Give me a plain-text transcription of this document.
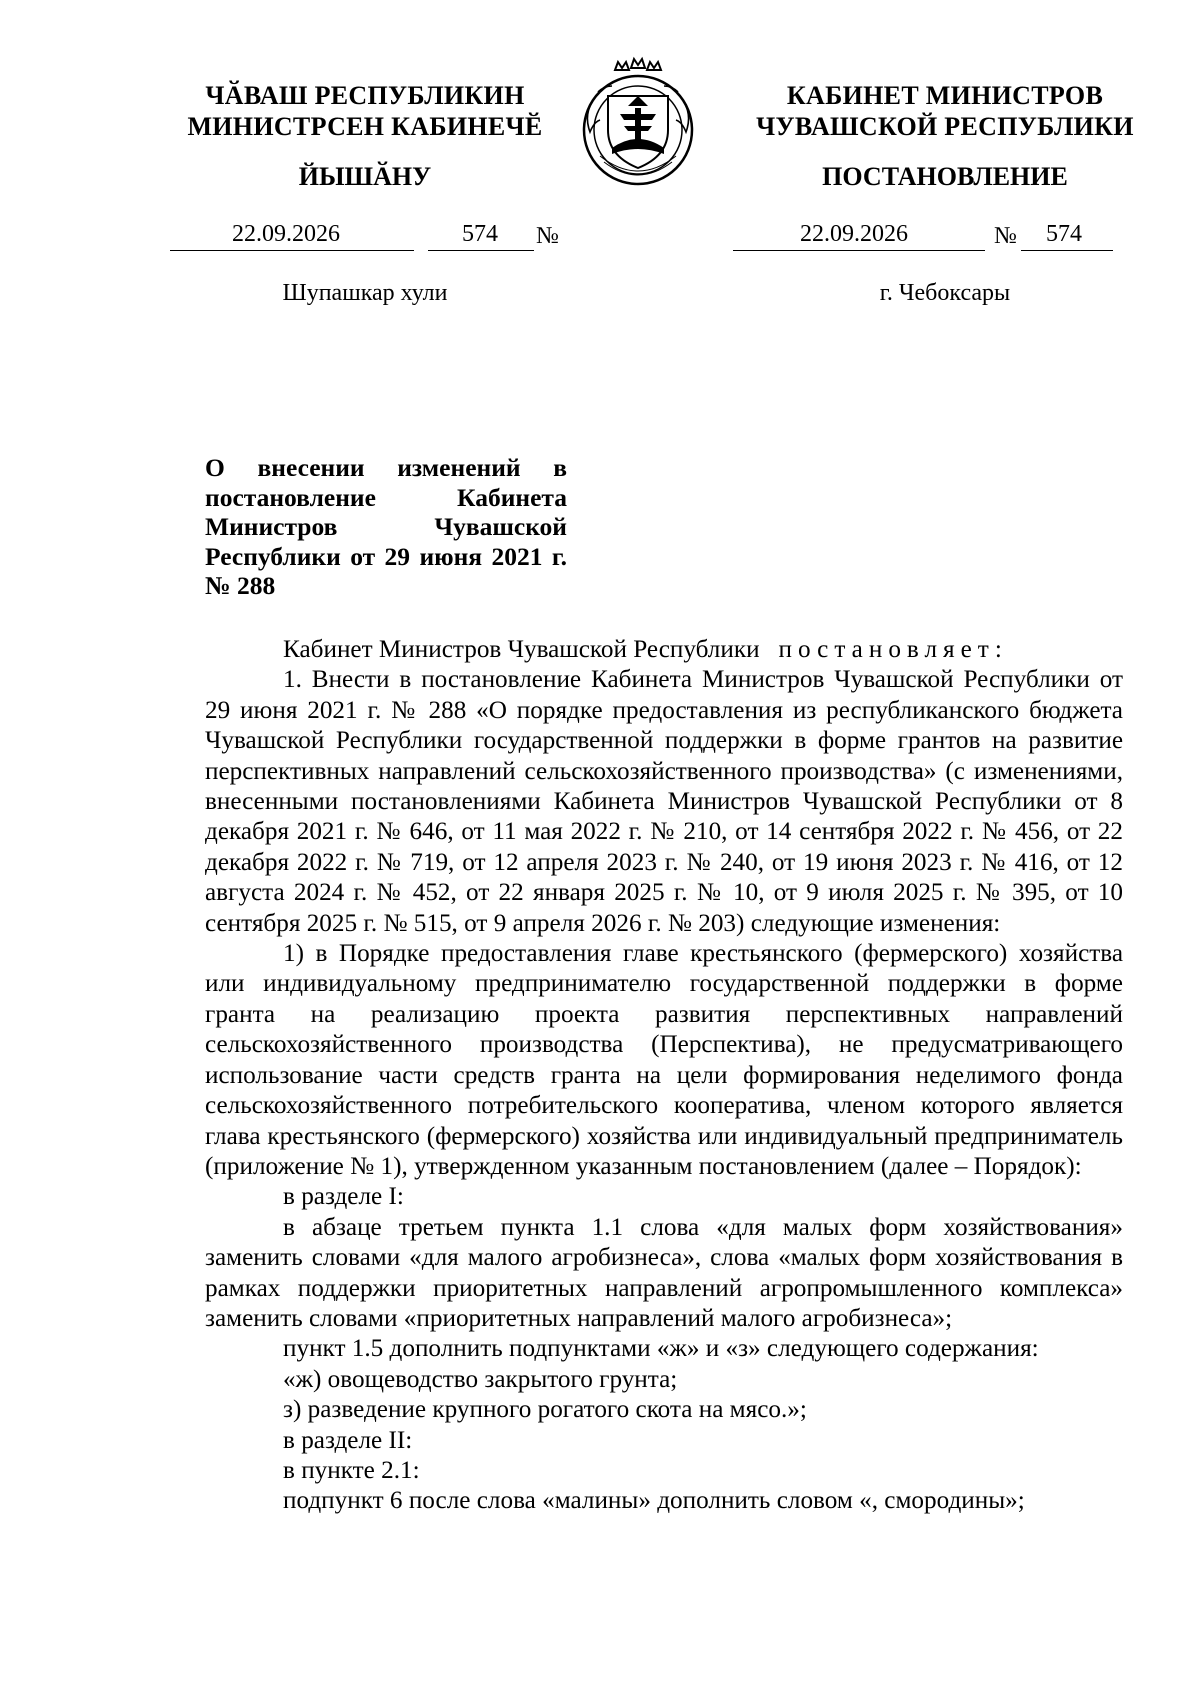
ЧӐВАШ РЕСПУБЛИКИН
МИНИСТРСЕН КАБИНЕЧӖ
ЙЫШӐНУ
КАБИНЕТ МИНИСТРОВ
ЧУВАШСКОЙ РЕСПУБЛИКИ
ПОСТАНОВЛЕНИЕ
22.09.2026	574 №	22.09.2026	№ 574
Шупашкар хули	г. Чебоксары
О внесении изменений в постановление Кабинета Министров Чувашской Республики от 29 июня 2021 г. № 288

Кабинет Министров Чувашской Республики постановляет:

1. Внести в постановление Кабинета Министров Чувашской Республики от 29 июня 2021 г. № 288 «О порядке предоставления из республиканского бюджета Чувашской Республики государственной поддержки в форме грантов на развитие перспективных направлений сельскохозяйственного производства» (с изменениями, внесенными постановлениями Кабинета Министров Чувашской Республики от 8 декабря 2021 г. № 646, от 11 мая 2022 г. № 210, от 14 сентября 2022 г. № 456, от 22 декабря 2022 г. № 719, от 12 апреля 2023 г. № 240, от 19 июня 2023 г. № 416, от 12 августа 2024 г. № 452, от 22 января 2025 г. № 10, от 9 июля 2025 г. № 395, от 10 сентября 2025 г. № 515, от 9 апреля 2026 г. № 203) следующие изменения:

1) в Порядке предоставления главе крестьянского (фермерского) хозяйства или индивидуальному предпринимателю государственной поддержки в форме гранта на реализацию проекта развития перспективных направлений сельскохозяйственного производства (Перспектива), не предусматривающего использование части средств гранта на цели формирования неделимого фонда сельскохозяйственного потребительского кооператива, членом которого является глава крестьянского (фермерского) хозяйства или индивидуальный предприниматель (приложение № 1), утвержденном указанным постановлением (далее – Порядок):

в разделе I:

в абзаце третьем пункта 1.1 слова «для малых форм хозяйствования» заменить словами «для малого агробизнеса», слова «малых форм хозяйствования в рамках поддержки приоритетных направлений агропромышленного комплекса» заменить словами «приоритетных направлений малого агробизнеса»;

пункт 1.5 дополнить подпунктами «ж» и «з» следующего содержания:

«ж) овощеводство закрытого грунта;

з) разведение крупного рогатого скота на мясо.»;

в разделе II:

в пункте 2.1:

подпункт 6 после слова «малины» дополнить словом «, смородины»;
